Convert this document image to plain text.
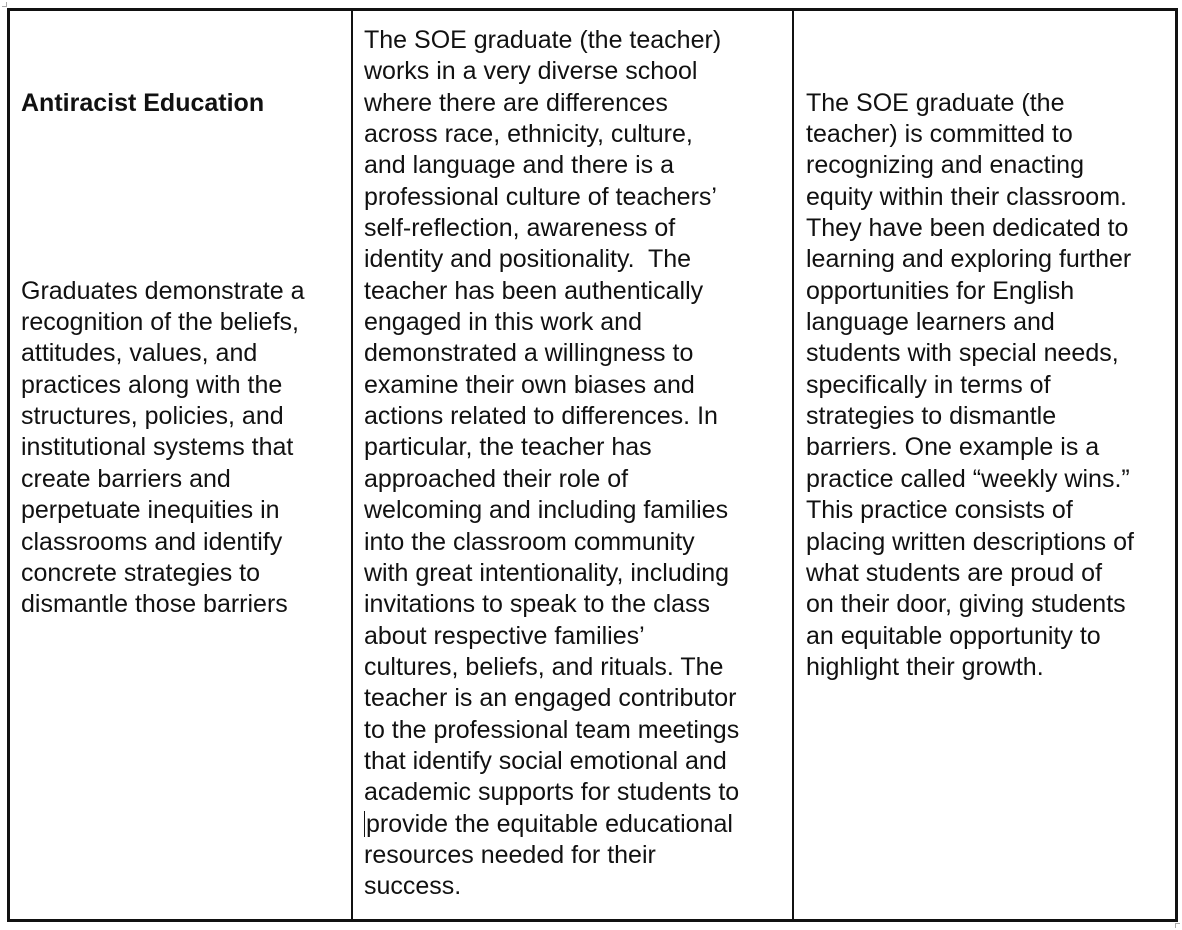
Antiracist Education

Graduates demonstrate a
recognition of the beliefs,
attitudes, values, and
practices along with the
structures, policies, and
institutional systems that
create barriers and
perpetuate inequities in
classrooms and identify
concrete strategies to
dismantle those barriers

The SOE graduate (the teacher)
works in a very diverse school
where there are differences
across race, ethnicity, culture,
and language and there is a
professional culture of teachers’
self-reflection, awareness of
identity and positionality.  The
teacher has been authentically
engaged in this work and
demonstrated a willingness to
examine their own biases and
actions related to differences. In
particular, the teacher has
approached their role of
welcoming and including families
into the classroom community
with great intentionality, including
invitations to speak to the class
about respective families’
cultures, beliefs, and rituals. The
teacher is an engaged contributor
to the professional team meetings
that identify social emotional and
academic supports for students to
provide the equitable educational
resources needed for their
success.

The SOE graduate (the
teacher) is committed to
recognizing and enacting
equity within their classroom.
They have been dedicated to
learning and exploring further
opportunities for English
language learners and
students with special needs,
specifically in terms of
strategies to dismantle
barriers. One example is a
practice called “weekly wins.”
This practice consists of
placing written descriptions of
what students are proud of
on their door, giving students
an equitable opportunity to
highlight their growth.
